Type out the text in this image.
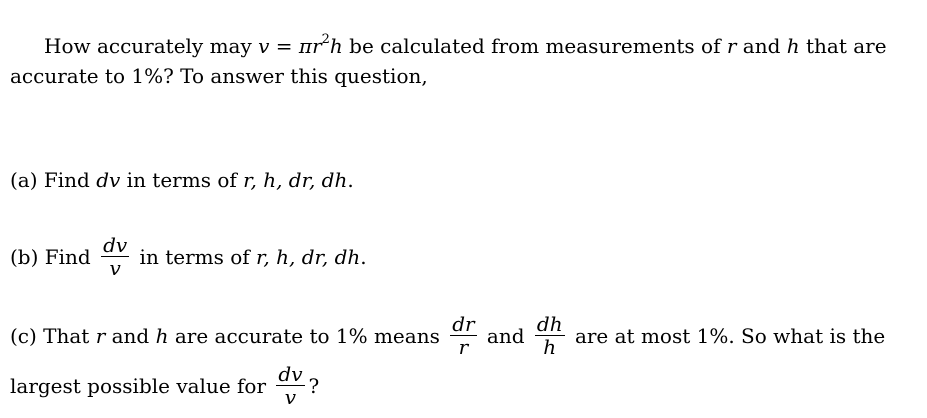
How accurately may $v = \pi r^2h$ be calculated from measurements of r and h that are
accurate to 1%? To answer this question,
(a) Find dv in terms of r, h, dr, dh.
(b) Find $\frac{dv}{v}$ in terms of r, h, dr, dh.
(c) That r and h are accurate to 1% means $\frac{dr}{r}$ and $\frac{dh}{h}$ are at most 1%. So what is the
largest possible value for $\frac{dv}{v}$ ?
